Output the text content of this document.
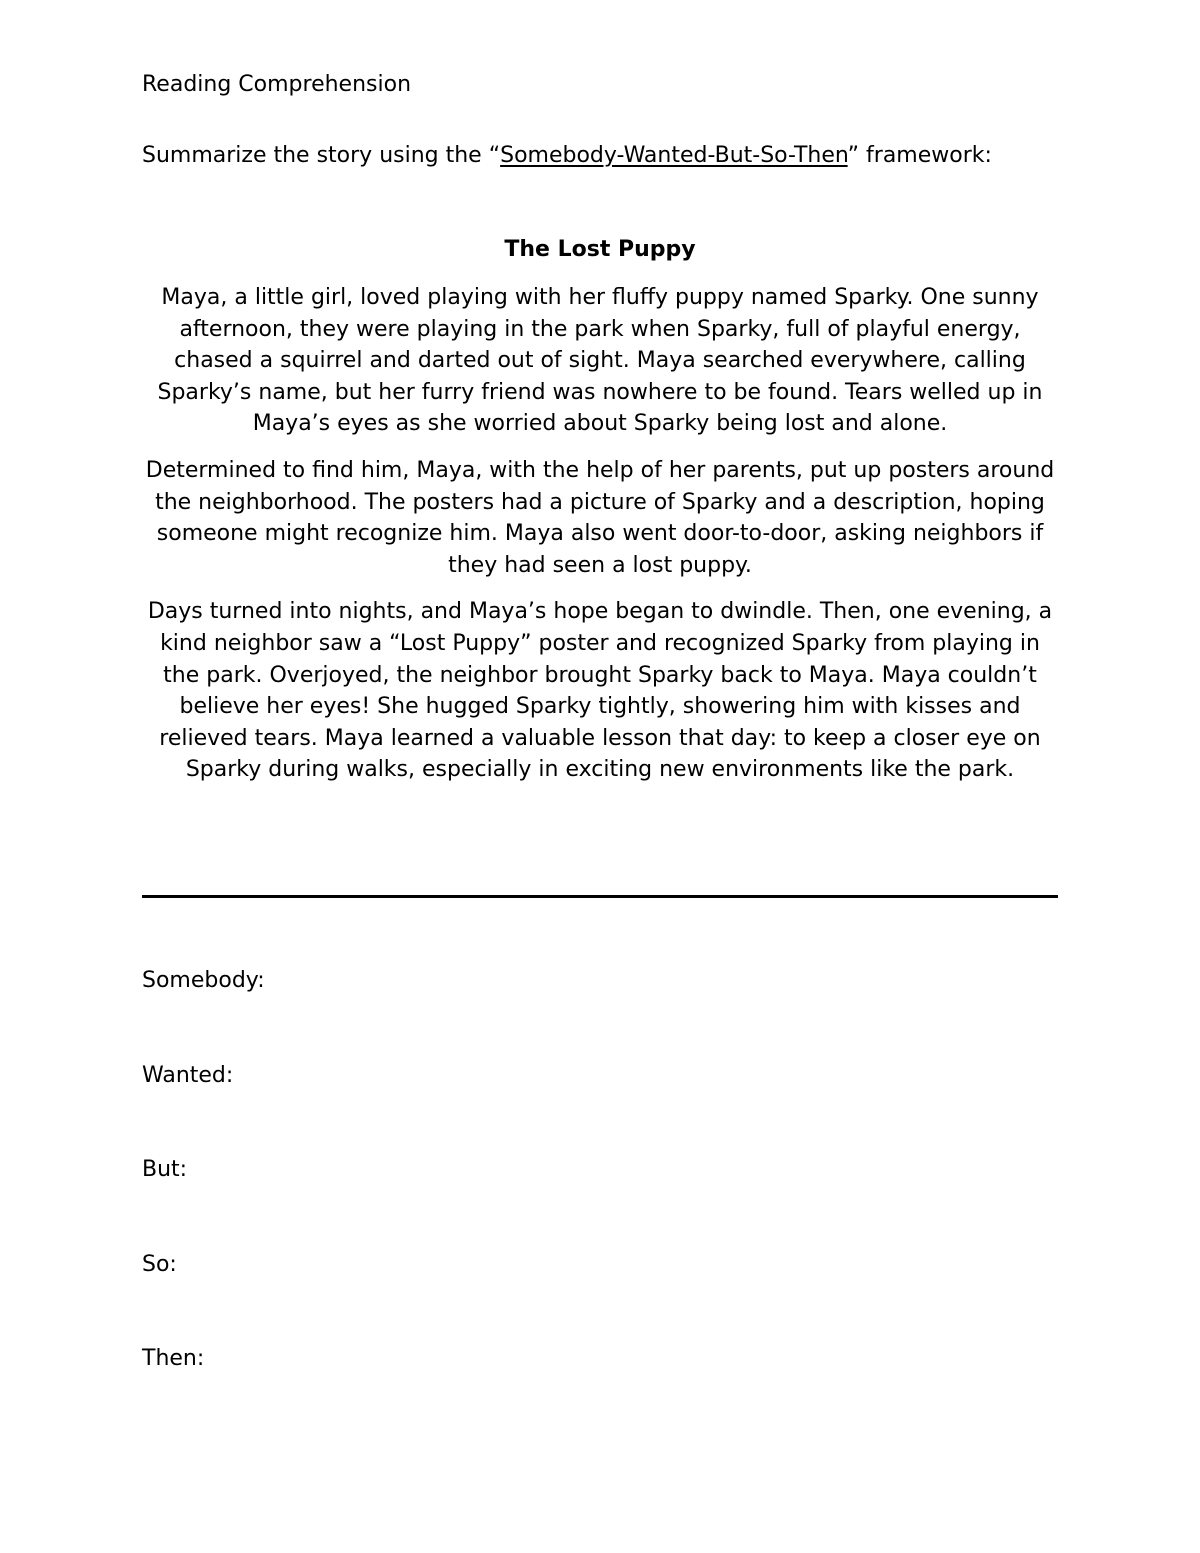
Reading Comprehension
Summarize the story using the “Somebody-Wanted-But-So-Then” framework:
The Lost Puppy

Maya, a little girl, loved playing with her fluffy puppy named Sparky. One sunny afternoon, they were playing in the park when Sparky, full of playful energy, chased a squirrel and darted out of sight. Maya searched everywhere, calling Sparky’s name, but her furry friend was nowhere to be found. Tears welled up in Maya’s eyes as she worried about Sparky being lost and alone.

Determined to find him, Maya, with the help of her parents, put up posters around the neighborhood. The posters had a picture of Sparky and a description, hoping someone might recognize him. Maya also went door-to-door, asking neighbors if they had seen a lost puppy.

Days turned into nights, and Maya’s hope began to dwindle. Then, one evening, a kind neighbor saw a “Lost Puppy” poster and recognized Sparky from playing in the park. Overjoyed, the neighbor brought Sparky back to Maya. Maya couldn’t believe her eyes! She hugged Sparky tightly, showering him with kisses and relieved tears. Maya learned a valuable lesson that day: to keep a closer eye on Sparky during walks, especially in exciting new environments like the park.

Somebody:
Wanted:
But:
So:
Then:
